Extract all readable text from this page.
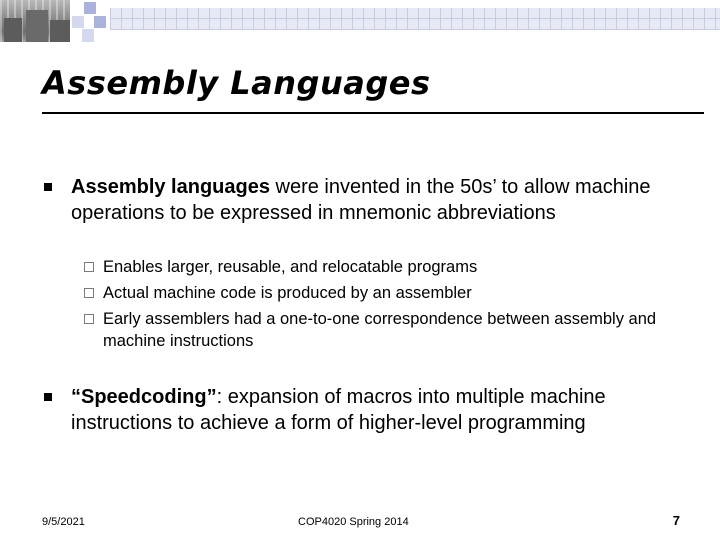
Assembly Languages

Assembly languages were invented in the 50s’ to allow machine operations to be expressed in mnemonic abbreviations

Enables larger, reusable, and relocatable programs

Actual machine code is produced by an assembler

Early assemblers had a one-to-one correspondence between assembly and machine instructions

“Speedcoding”: expansion of macros into multiple machine instructions to achieve a form of higher-level programming

9/5/2021	COP4020 Spring 2014	7
